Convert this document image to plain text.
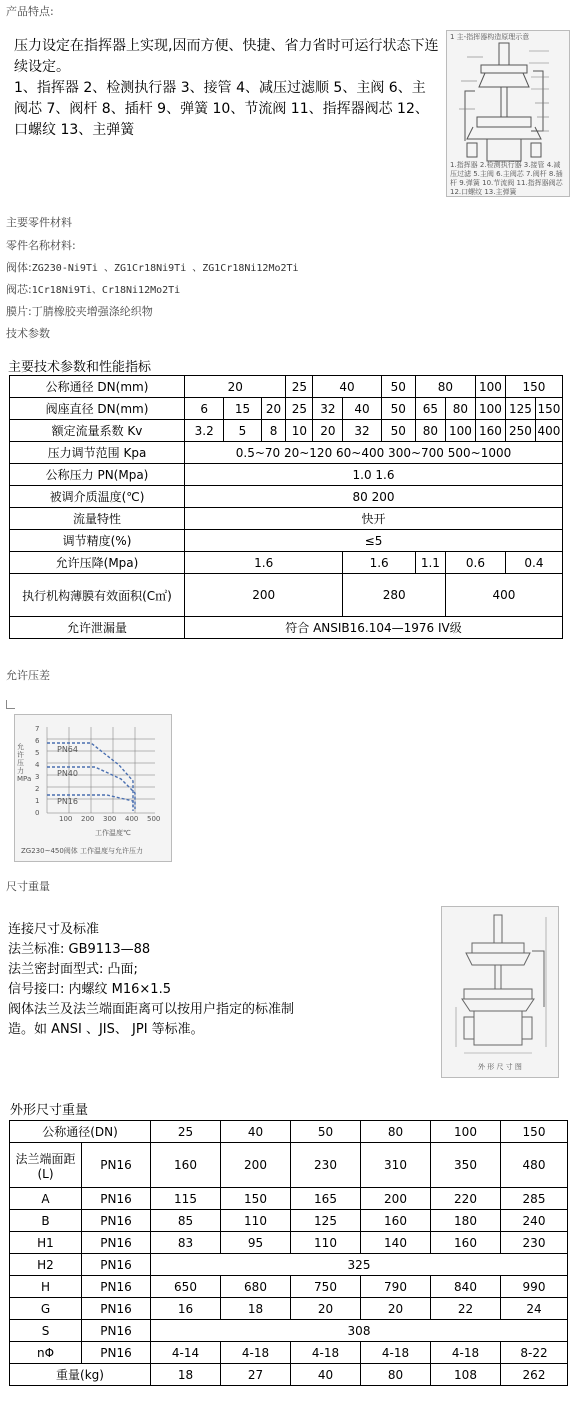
产品特点:
压力设定在指挥器上实现,因而方便、快捷、省力省时可运行状态下连续设定。
1、指挥器 2、检测执行器 3、接管 4、减压过滤顺 5、主阀 6、主阀芯 7、阀杆 8、插杆 9、弹簧 10、节流阀 11、指挥器阀芯 12、口螺纹 13、主弹簧
1 主-指挥器构造原理示意
1.指挥器 2.检测执行器 3.接管 4.减压过滤 5.主阀 6.主阀芯 7.阀杆 8.插杆 9.弹簧 10.节流阀 11.指挥器阀芯 12.口螺纹 13.主弹簧
主要零件材料
零件名称材料:
阀体:ZG230-Ni9Ti 、ZG1Cr18Ni9Ti 、ZG1Cr18Ni12Mo2Ti
阀芯:1Cr18Ni9Ti、Cr18Ni12Mo2Ti
膜片:丁腈橡胶夹增强涤纶织物
技术参数
主要技术参数和性能指标
公称通径 DN(mm)	20			25	40		50	80		100	150	
阀座直径 DN(mm)	6	15	20	25	32	40	50	65	80	100	125	150
额定流量系数 Kv	3.2	5	8	10	20	32	50	80	100	160	250	400
压力调节范围 Kpa	0.5~70 20~120 60~400 300~700 500~1000											
公称压力 PN(Mpa)	1.0 1.6											
被调介质温度(℃)	80 200											
流量特性	快开											
调节精度(%)	≤5											
允许压降(Mpa)	1.6					1.6		1.1	0.6		0.4	
执行机构薄膜有效面积(C㎡)	200					280			400			
允许泄漏量	符合 ANSIB16.104—1976 IV级											
允许压差
7
6
5
4
3
2
1
0
允许压力MPa
100 200 300 400 500
工作温度℃
ZG230~450阀体 工作温度与允许压力
PN64
PN40
PN16
尺寸重量
连接尺寸及标准
法兰标准: GB9113—88
法兰密封面型式: 凸面;
信号接口: 内螺纹 M16×1.5
阀体法兰及法兰端面距离可以按用户指定的标准制造。如 ANSI 、JIS、 JPI 等标准。
外 形 尺 寸 图
外形尺寸重量
公称通径(DN)		25	40	50	80	100	150
法兰端面距(L)	PN16	160	200	230	310	350	480
A	PN16	115	150	165	200	220	285
B	PN16	85	110	125	160	180	240
H1	PN16	83	95	110	140	160	230
H2	PN16	325					
H	PN16	650	680	750	790	840	990
G	PN16	16	18	20	20	22	24
S	PN16	308					
nΦ	PN16	4-14	4-18	4-18	4-18	4-18	8-22
重量(kg)		18	27	40	80	108	262
